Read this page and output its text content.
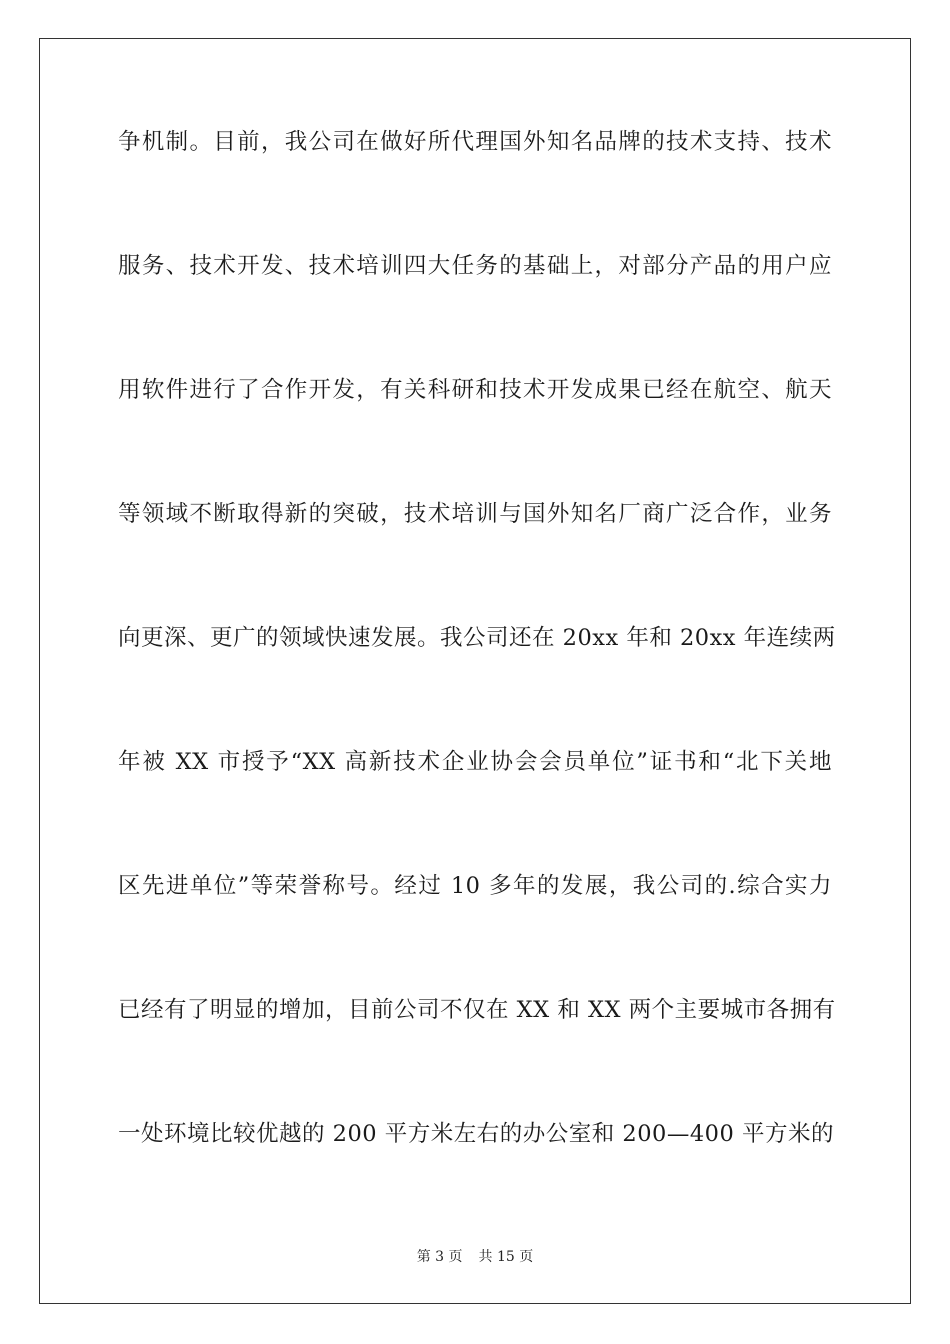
争机制。目前，我公司在做好所代理国外知名品牌的技术支持、技术
服务、技术开发、技术培训四大任务的基础上，对部分产品的用户应
用软件进行了合作开发，有关科研和技术开发成果已经在航空、航天
等领域不断取得新的突破，技术培训与国外知名厂商广泛合作，业务
向更深、更广的领域快速发展。我公司还在 20xx 年和 20xx 年连续两
年被 XX 市授予“XX 高新技术企业协会会员单位”证书和“北下关地
区先进单位”等荣誉称号。经过 10 多年的发展，我公司的.综合实力
已经有了明显的增加，目前公司不仅在 XX 和 XX 两个主要城市各拥有
一处环境比较优越的 200 平方米左右的办公室和 200—400 平方米的
第 3 页 共 15 页
